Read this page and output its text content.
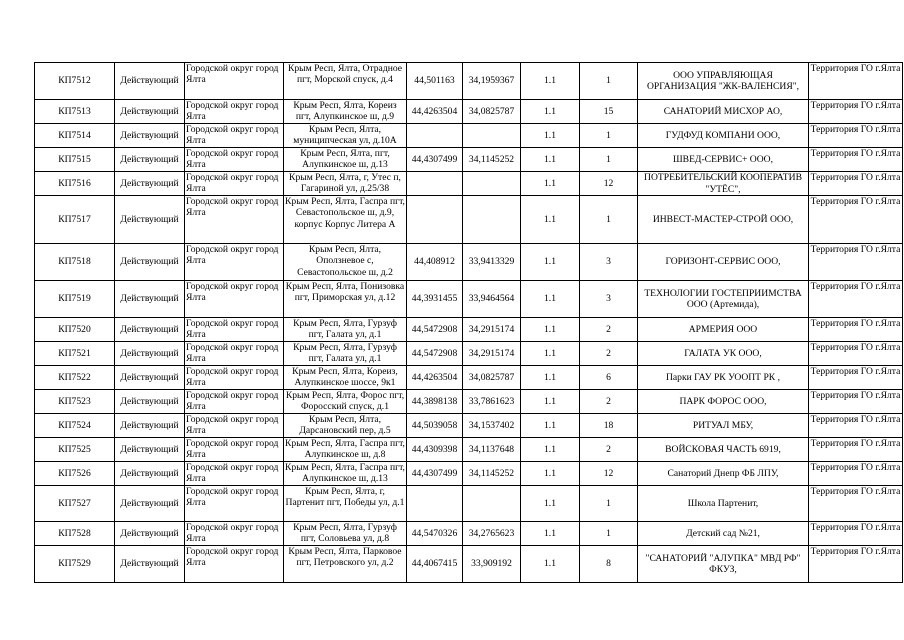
КП7512	Действующий	Городской округ город Ялта	Крым Респ, Ялта, Отрадное пгт, Морской спуск, д.4	44,501163	34,1959367	1.1	1	ООО УПРАВЛЯЮЩАЯ ОРГАНИЗАЦИЯ "ЖК-ВАЛЕНСИЯ",	Территория ГО г.Ялта
КП7513	Действующий	Городской округ город Ялта	Крым Респ, Ялта, Кореиз пгт, Алупкинское ш, д.9	44,4263504	34,0825787	1.1	15	САНАТОРИЙ МИСХОР АО,	Территория ГО г.Ялта
КП7514	Действующий	Городской округ город Ялта	Крым Респ, Ялта, муниципческая ул, д.10А			1.1	1	ГУДФУД КОМПАНИ ООО,	Территория ГО г.Ялта
КП7515	Действующий	Городской округ город Ялта	Крым Респ, Ялта, пгт, Алупкинское ш, д.13	44,4307499	34,1145252	1.1	1	ШВЕД-СЕРВИС+ ООО,	Территория ГО г.Ялта
КП7516	Действующий	Городской округ город Ялта	Крым Респ, Ялта, г, Утес п, Гагариной ул, д.25/38			1.1	12	ПОТРЕБИТЕЛЬСКИЙ КООПЕРАТИВ "УТЁС",	Территория ГО г.Ялта
КП7517	Действующий	Городской округ город Ялта	Крым Респ, Ялта, Гаспра пгт, Севастопольское ш, д.9, корпус Корпус Литера А			1.1	1	ИНВЕСТ-МАСТЕР-СТРОЙ ООО,	Территория ГО г.Ялта
КП7518	Действующий	Городской округ город Ялта	Крым Респ, Ялта, Оползневое с, Севастопольское ш, д.2	44,408912	33,9413329	1.1	3	ГОРИЗОНТ-СЕРВИС ООО,	Территория ГО г.Ялта
КП7519	Действующий	Городской округ город Ялта	Крым Респ, Ялта, Понизовка пгт, Приморская ул, д.12	44,3931455	33,9464564	1.1	3	ТЕХНОЛОГИИ ГОСТЕПРИИМСТВА ООО (Артемида),	Территория ГО г.Ялта
КП7520	Действующий	Городской округ город Ялта	Крым Респ, Ялта, Гурзуф пгт, Галата ул, д.1	44,5472908	34,2915174	1.1	2	АРМЕРИЯ ООО	Территория ГО г.Ялта
КП7521	Действующий	Городской округ город Ялта	Крым Респ, Ялта, Гурзуф пгт, Галата ул, д.1	44,5472908	34,2915174	1.1	2	ГАЛАТА УК ООО,	Территория ГО г.Ялта
КП7522	Действующий	Городской округ город Ялта	Крым Респ, Ялта, Кореиз, Алупкинское шоссе, 9к1	44,4263504	34,0825787	1.1	6	Парки ГАУ РК УООПТ РК ,	Территория ГО г.Ялта
КП7523	Действующий	Городской округ город Ялта	Крым Респ, Ялта, Форос пгт, Форосский спуск, д.1	44,3898138	33,7861623	1.1	2	ПАРК ФОРОС ООО,	Территория ГО г.Ялта
КП7524	Действующий	Городской округ город Ялта	Крым Респ, Ялта, Дарсановский пер, д.5	44,5039058	34,1537402	1.1	18	РИТУАЛ МБУ,	Территория ГО г.Ялта
КП7525	Действующий	Городской округ город Ялта	Крым Респ, Ялта, Гаспра пгт, Алупкинское ш, д.8	44,4309398	34,1137648	1.1	2	ВОЙСКОВАЯ ЧАСТЬ 6919,	Территория ГО г.Ялта
КП7526	Действующий	Городской округ город Ялта	Крым Респ, Ялта, Гаспра пгт, Алупкинское ш, д.13	44,4307499	34,1145252	1.1	12	Санаторий Днепр ФБ ЛПУ,	Территория ГО г.Ялта
КП7527	Действующий	Городской округ город Ялта	Крым Респ, Ялта, г, Партенит пгт, Победы ул, д.1			1.1	1	Школа Партенит,	Территория ГО г.Ялта
КП7528	Действующий	Городской округ город Ялта	Крым Респ, Ялта, Гурзуф пгт, Соловьева ул, д.8	44,5470326	34,2765623	1.1	1	Детский сад №21,	Территория ГО г.Ялта
КП7529	Действующий	Городской округ город Ялта	Крым Респ, Ялта, Парковое пгт, Петровского ул, д.2	44,4067415	33,909192	1.1	8	"САНАТОРИЙ "АЛУПКА" МВД РФ" ФКУЗ,	Территория ГО г.Ялта
